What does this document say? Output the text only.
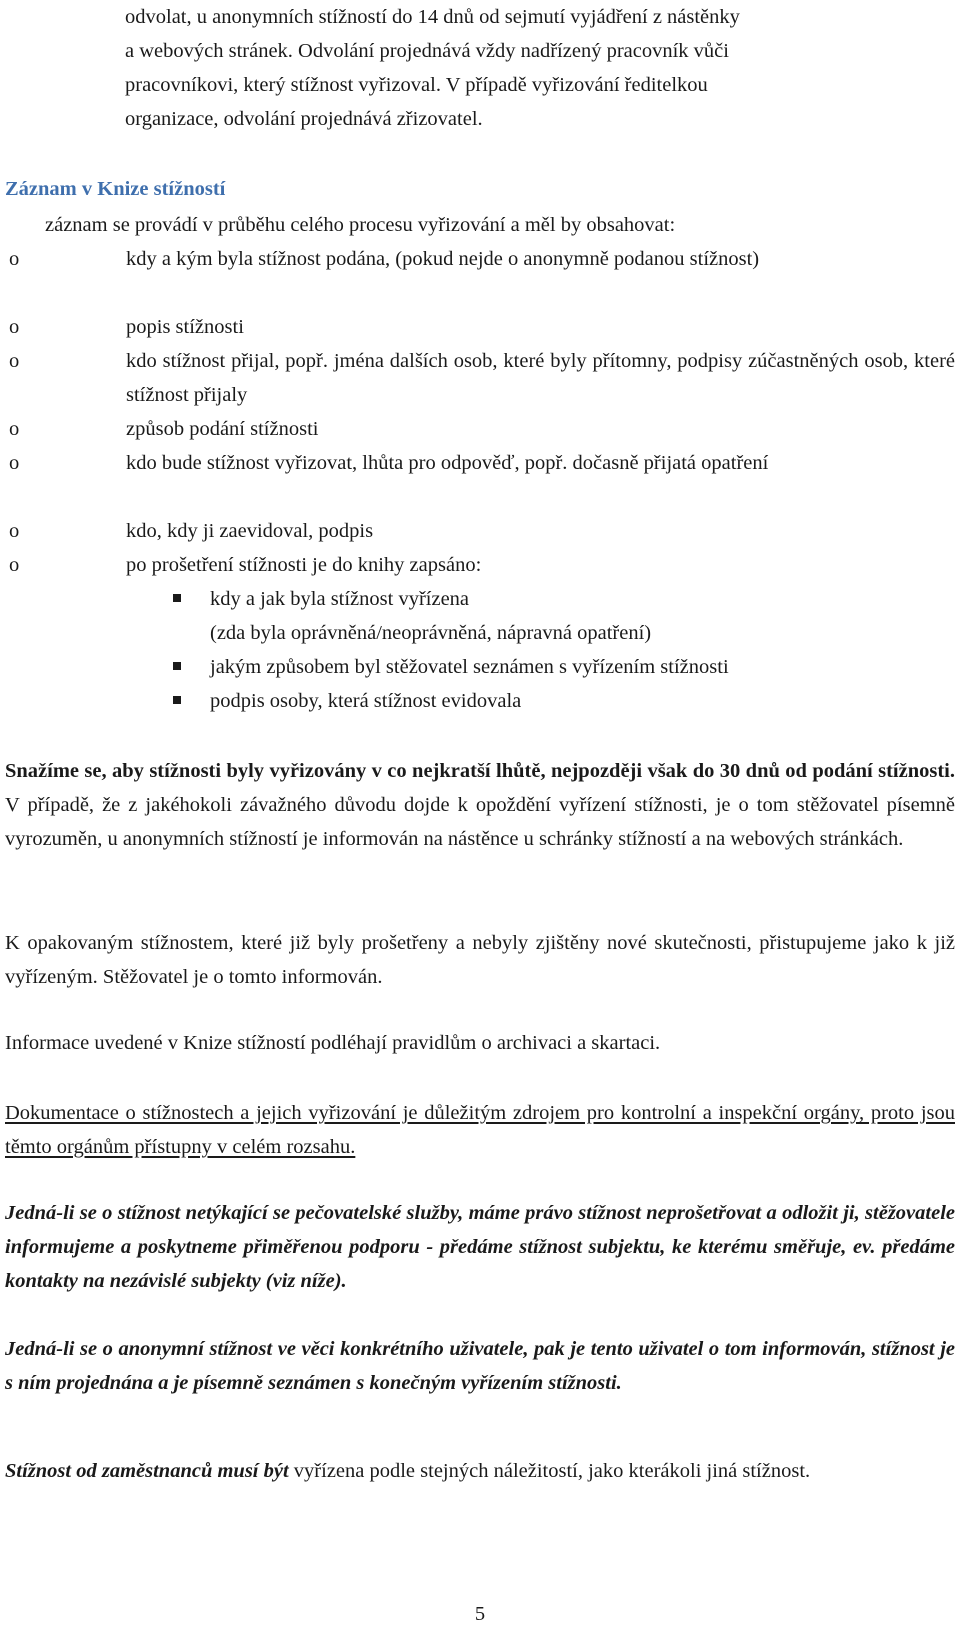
odvolat, u anonymních stížností do 14 dnů od sejmutí vyjádření z nástěnky
a webových stránek. Odvolání projednává vždy nadřízený pracovník vůči
pracovníkovi, který stížnost vyřizoval. V případě vyřizování ředitelkou
organizace, odvolání projednává zřizovatel.
Záznam v Knize stížností
záznam se provádí v průběhu celého procesu vyřizování a měl by obsahovat:
o	kdy a kým byla stížnost podána, (pokud nejde o anonymně podanou stížnost)
o	popis stížnosti
o	kdo stížnost přijal, popř. jména dalších osob, které byly přítomny, podpisy zúčastněných osob, které stížnost přijaly
o	způsob podání stížnosti
o	kdo bude stížnost vyřizovat, lhůta pro odpověď, popř. dočasně přijatá opatření
o	kdo, kdy ji zaevidoval, podpis
o	po prošetření stížnosti je do knihy zapsáno:
kdy a jak byla stížnost vyřízena
(zda byla oprávněná/neoprávněná, nápravná opatření)
jakým způsobem byl stěžovatel seznámen s vyřízením stížnosti
podpis osoby, která stížnost evidovala
Snažíme se, aby stížnosti byly vyřizovány v co nejkratší lhůtě, nejpozději však do 30 dnů od podání stížnosti. V případě, že z jakéhokoli závažného důvodu dojde k opoždění vyřízení stížnosti, je o tom stěžovatel písemně vyrozuměn, u anonymních stížností je informován na nástěnce u schránky stížností a na webových stránkách.
K opakovaným stížnostem, které již byly prošetřeny a nebyly zjištěny nové skutečnosti, přistupujeme jako k již vyřízeným. Stěžovatel je o tomto informován.
Informace uvedené v Knize stížností podléhají pravidlům o archivaci a skartaci.
Dokumentace o stížnostech a jejich vyřizování je důležitým zdrojem pro kontrolní a inspekční orgány, proto jsou těmto orgánům přístupny v celém rozsahu.
Jedná-li se o stížnost netýkající se pečovatelské služby, máme právo stížnost neprošetřovat a odložit ji, stěžovatele informujeme a poskytneme přiměřenou podporu - předáme stížnost subjektu, ke kterému směřuje, ev. předáme kontakty na nezávislé subjekty (viz níže).
Jedná-li se o anonymní stížnost ve věci konkrétního uživatele, pak je tento uživatel o tom informován, stížnost je s ním projednána a je písemně seznámen s konečným vyřízením stížnosti.
Stížnost od zaměstnanců musí být vyřízena podle stejných náležitostí, jako kterákoli jiná stížnost.
5
